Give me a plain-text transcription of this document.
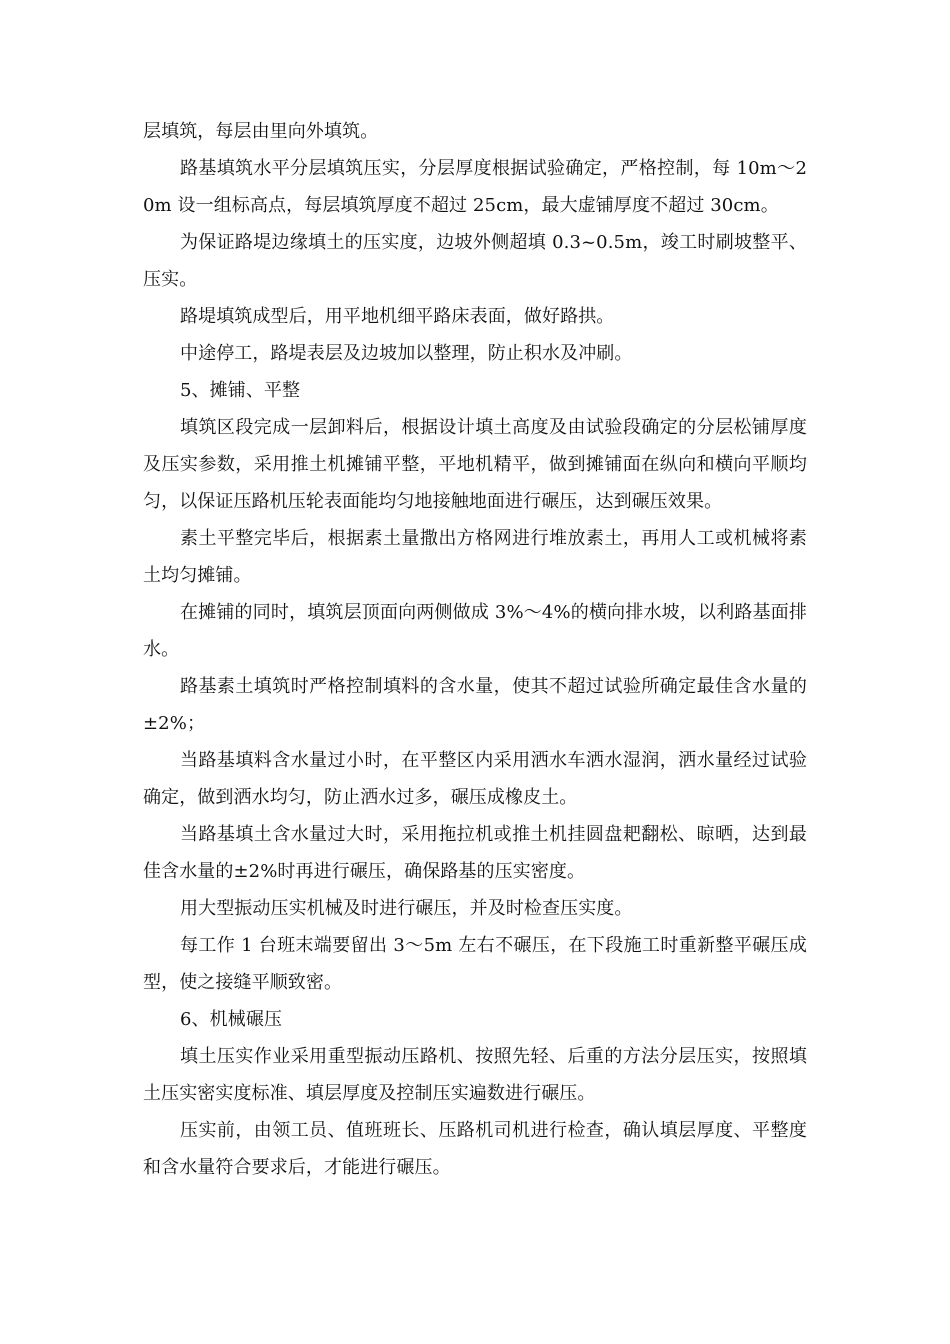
层填筑，每层由里向外填筑。

路基填筑水平分层填筑压实，分层厚度根据试验确定，严格控制，每 10m～20m 设一组标高点，每层填筑厚度不超过 25cm，最大虚铺厚度不超过 30cm。

为保证路堤边缘填土的压实度，边坡外侧超填 0.3~0.5m，竣工时刷坡整平、压实。

路堤填筑成型后，用平地机细平路床表面，做好路拱。

中途停工，路堤表层及边坡加以整理，防止积水及冲刷。

5、摊铺、平整

填筑区段完成一层卸料后，根据设计填土高度及由试验段确定的分层松铺厚度及压实参数，采用推土机摊铺平整，平地机精平，做到摊铺面在纵向和横向平顺均匀，以保证压路机压轮表面能均匀地接触地面进行碾压，达到碾压效果。

素土平整完毕后，根据素土量撒出方格网进行堆放素土，再用人工或机械将素土均匀摊铺。

在摊铺的同时，填筑层顶面向两侧做成 3%～4%的横向排水坡，以利路基面排水。

路基素土填筑时严格控制填料的含水量，使其不超过试验所确定最佳含水量的±2%；

当路基填料含水量过小时，在平整区内采用洒水车洒水湿润，洒水量经过试验确定，做到洒水均匀，防止洒水过多，碾压成橡皮土。

当路基填土含水量过大时，采用拖拉机或推土机挂圆盘耙翻松、晾晒，达到最佳含水量的±2%时再进行碾压，确保路基的压实密度。

用大型振动压实机械及时进行碾压，并及时检查压实度。

每工作 1 台班末端要留出 3～5m 左右不碾压，在下段施工时重新整平碾压成型，使之接缝平顺致密。

6、机械碾压

填土压实作业采用重型振动压路机、按照先轻、后重的方法分层压实，按照填土压实密实度标准、填层厚度及控制压实遍数进行碾压。

压实前，由领工员、值班班长、压路机司机进行检查，确认填层厚度、平整度和含水量符合要求后，才能进行碾压。
